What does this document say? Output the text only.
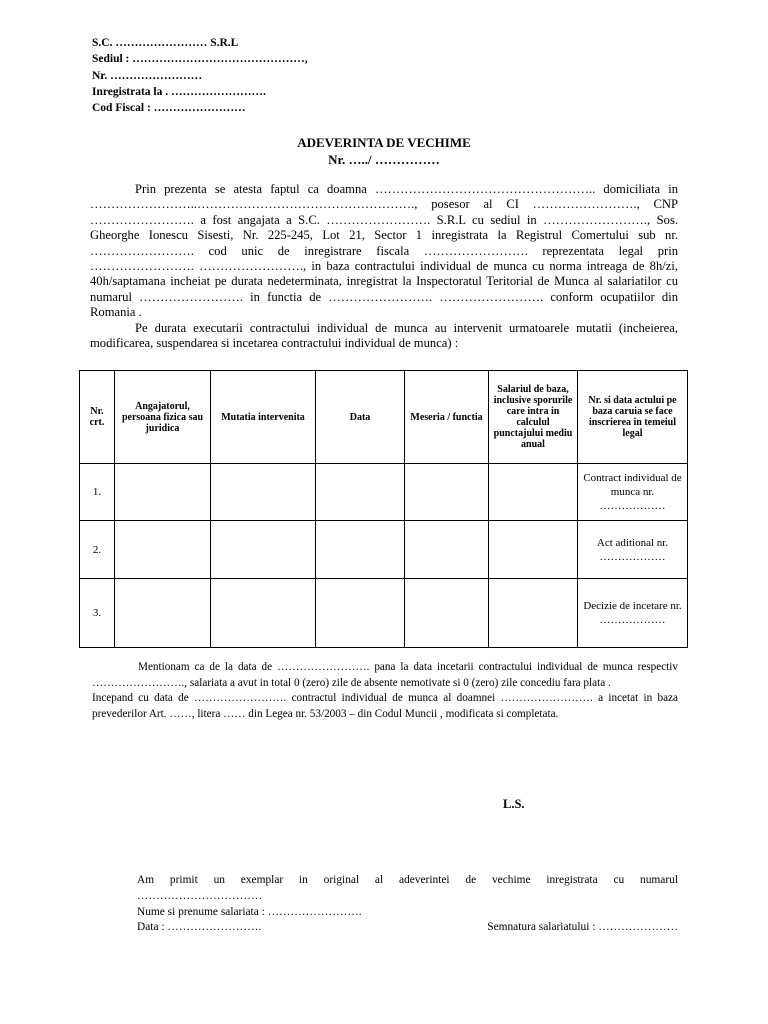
S.C. …………………… S.R.L
Sediul : ………………………………………,
Nr. ……………………
Inregistrata la . …………………….
Cod Fiscal : ……………………
ADEVERINTA DE VECHIME
Nr. …../ ……………

Prin prezenta se atesta faptul ca doamna …………………………………………….. domiciliata in ……………………..……………………………………………., posesor al CI ……………………., CNP ……………………. a fost angajata a S.C. ……………………. S.R.L cu sediul in ……………………., Sos. Gheorghe Ionescu Sisesti, Nr. 225-245, Lot 21, Sector 1 inregistrata la Registrul Comertului sub nr. ……………………. cod unic de inregistrare fiscala ……………………. reprezentata legal prin ……………………. ……………………., in baza contractului individual de munca cu norma intreaga de 8h/zi, 40h/saptamana incheiat pe durata nedeterminata, inregistrat la Inspectoratul Teritorial de Munca al salariatilor cu numarul ……………………. in functia de ……………………. ……………………. conform ocupatiilor din Romania .

Pe durata executarii contractului individual de munca au intervenit urmatoarele mutatii (incheierea, modificarea, suspendarea si incetarea contractului individual de munca) :

Nr. crt.	Angajatorul, persoana fizica sau juridica	Mutatia intervenita	Data	Meseria / functia	Salariul de baza, inclusive sporurile care intra in calculul punctajului mediu anual	Nr. si data actului pe baza caruia se face inscrierea in temeiul legal
1.						Contract individual de munca nr. ………………
2.						Act aditional nr. ………………
3.						Decizie de incetare nr. ………………

Mentionam ca de la data de ……………………. pana la data incetarii contractului individual de munca respectiv ……………………., salariata a avut in total 0 (zero) zile de absente nemotivate si 0 (zero) zile concediu fara plata .

Incepand cu data de ……………………. contractul individual de munca al doamnei ……………………. a incetat in baza prevederilor Art. ……, litera …… din Legea nr. 53/2003 – din Codul Muncii , modificata si completata.

L.S.
Am primit un exemplar in original al adeverintei de vechime inregistrata cu numarul
……………………………
Nume si prenume salariata : …………………….
Data : …………………….	Semnatura salariatului : …………………
